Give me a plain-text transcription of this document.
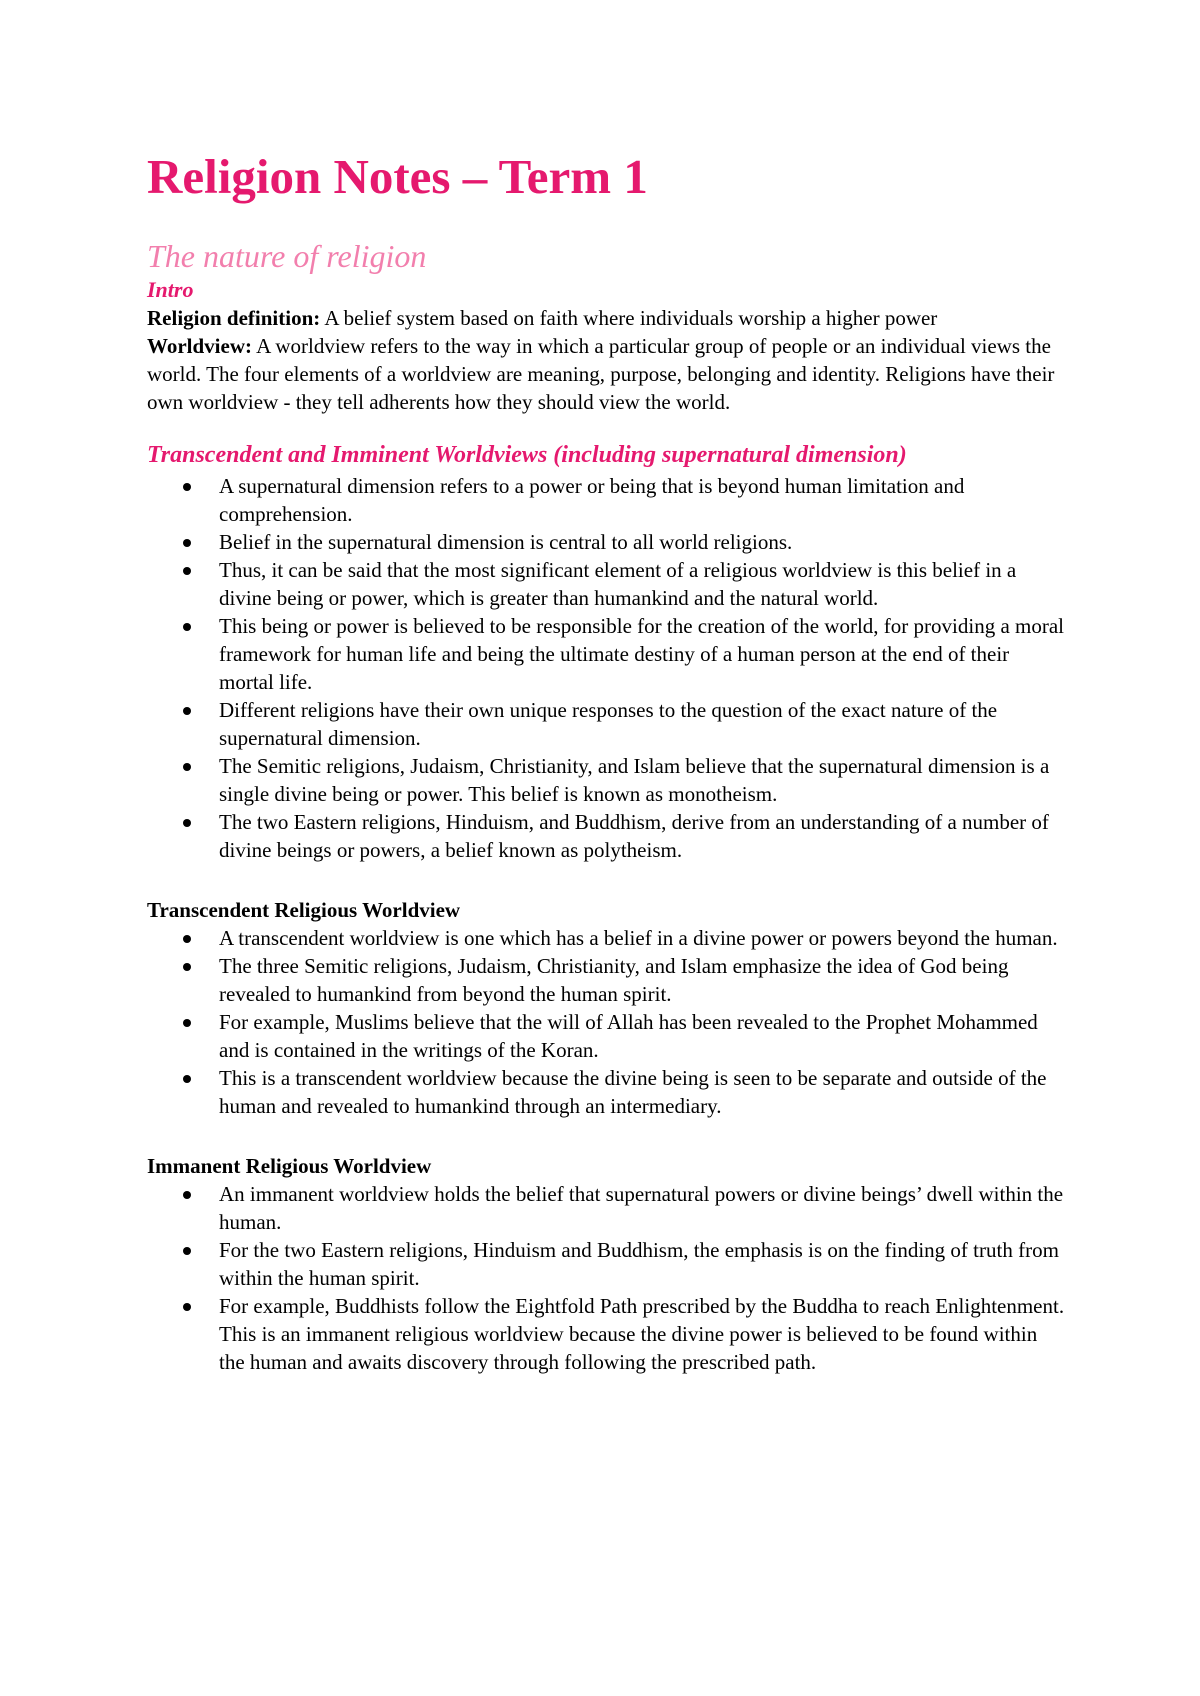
Religion Notes – Term 1
The nature of religion
Intro

Religion definition: A belief system based on faith where individuals worship a higher power

Worldview: A worldview refers to the way in which a particular group of people or an individual views the world. The four elements of a worldview are meaning, purpose, belonging and identity. Religions have their own worldview - they tell adherents how they should view the world.

Transcendent and Imminent Worldviews (including supernatural dimension)
A supernatural dimension refers to a power or being that is beyond human limitation and comprehension.
Belief in the supernatural dimension is central to all world religions.
Thus, it can be said that the most significant element of a religious worldview is this belief in a divine being or power, which is greater than humankind and the natural world.
This being or power is believed to be responsible for the creation of the world, for providing a moral framework for human life and being the ultimate destiny of a human person at the end of their mortal life.
Different religions have their own unique responses to the question of the exact nature of the supernatural dimension.
The Semitic religions, Judaism, Christianity, and Islam believe that the supernatural dimension is a single divine being or power. This belief is known as monotheism.
The two Eastern religions, Hinduism, and Buddhism, derive from an understanding of a number of divine beings or powers, a belief known as polytheism.

Transcendent Religious Worldview

A transcendent worldview is one which has a belief in a divine power or powers beyond the human.
The three Semitic religions, Judaism, Christianity, and Islam emphasize the idea of God being revealed to humankind from beyond the human spirit.
For example, Muslims believe that the will of Allah has been revealed to the Prophet Mohammed and is contained in the writings of the Koran.
This is a transcendent worldview because the divine being is seen to be separate and outside of the human and revealed to humankind through an intermediary.

Immanent Religious Worldview

An immanent worldview holds the belief that supernatural powers or divine beings’ dwell within the human.
For the two Eastern religions, Hinduism and Buddhism, the emphasis is on the finding of truth from within the human spirit.
For example, Buddhists follow the Eightfold Path prescribed by the Buddha to reach Enlightenment. This is an immanent religious worldview because the divine power is believed to be found within the human and awaits discovery through following the prescribed path.
